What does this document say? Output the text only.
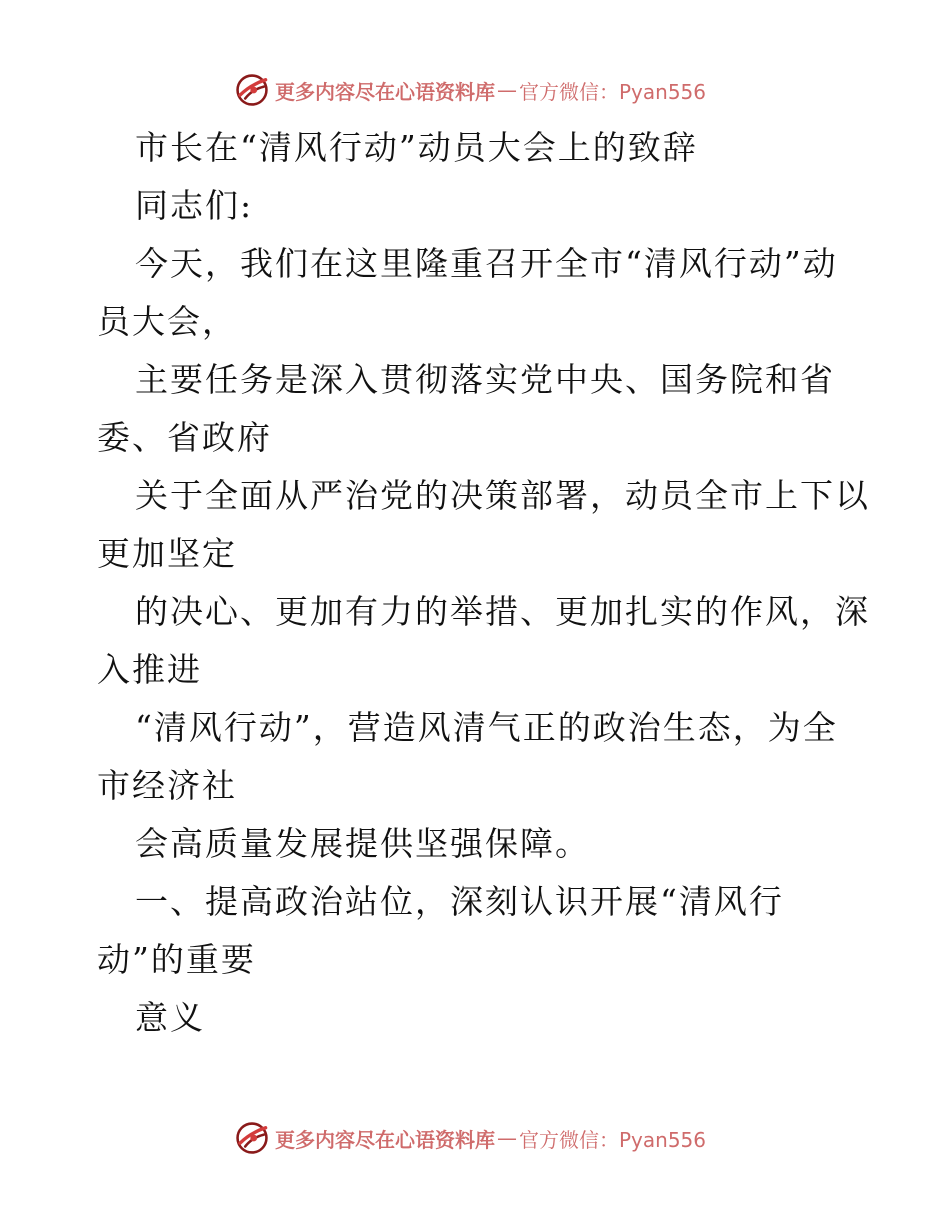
更多内容尽在心语资料库 — 官方微信：Pyan556
市长在“清风行动”动员大会上的致辞
同志们:
今天，我们在这里隆重召开全市“清风行动”动
员大会，
主要任务是深入贯彻落实党中央、国务院和省
委、省政府
关于全面从严治党的决策部署，动员全市上下以
更加坚定
的决心、更加有力的举措、更加扎实的作风，深
入推进
“清风行动”，营造风清气正的政治生态，为全
市经济社
会高质量发展提供坚强保障。
一、提高政治站位，深刻认识开展“清风行
动”的重要
意义
更多内容尽在心语资料库 — 官方微信：Pyan556
